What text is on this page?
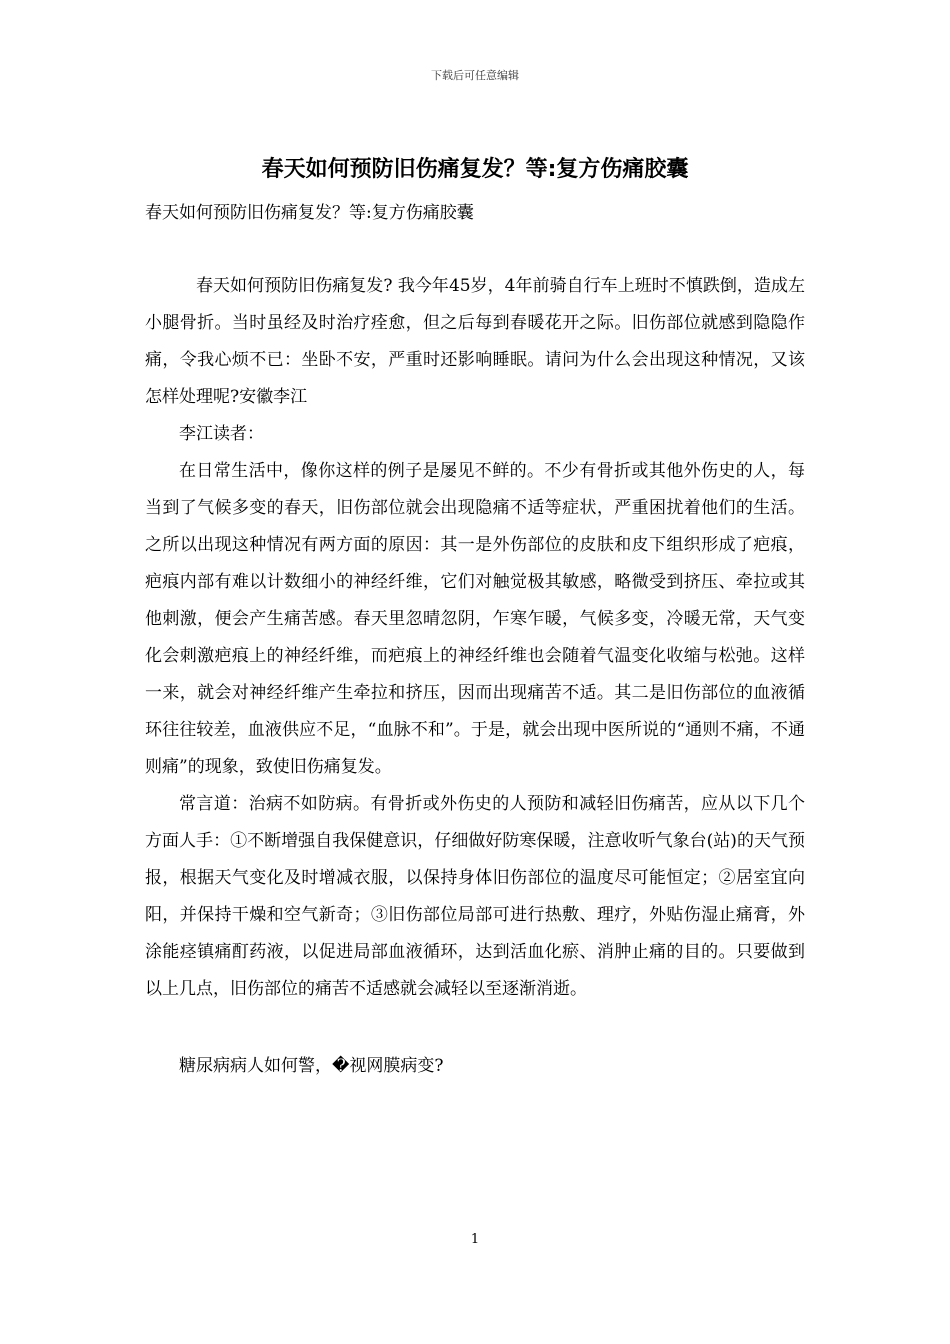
下载后可任意编辑
春天如何预防旧伤痛复发？等:复方伤痛胶囊
春天如何预防旧伤痛复发？等:复方伤痛胶囊

春天如何预防旧伤痛复发? 我今年45岁，4年前骑自行车上班时不慎跌倒，造成左小腿骨折。当时虽经及时治疗痊愈，但之后每到春暖花开之际。旧伤部位就感到隐隐作痛，令我心烦不已：坐卧不安，严重时还影响睡眠。请问为什么会出现这种情况，又该怎样处理呢?安徽李江

李江读者：

在日常生活中，像你这样的例子是屡见不鲜的。不少有骨折或其他外伤史的人，每当到了气候多变的春天，旧伤部位就会出现隐痛不适等症状，严重困扰着他们的生活。之所以出现这种情况有两方面的原因：其一是外伤部位的皮肤和皮下组织形成了疤痕，疤痕内部有难以计数细小的神经纤维，它们对触觉极其敏感，略微受到挤压、牵拉或其他刺激，便会产生痛苦感。春天里忽晴忽阴，乍寒乍暖，气候多变，冷暖无常，天气变化会刺激疤痕上的神经纤维，而疤痕上的神经纤维也会随着气温变化收缩与松弛。这样一来，就会对神经纤维产生牵拉和挤压，因而出现痛苦不适。其二是旧伤部位的血液循环往往较差，血液供应不足，“血脉不和”。于是，就会出现中医所说的“通则不痛，不通则痛”的现象，致使旧伤痛复发。

常言道：治病不如防病。有骨折或外伤史的人预防和减轻旧伤痛苦，应从以下几个方面人手：①不断增强自我保健意识，仔细做好防寒保暖，注意收听气象台(站)的天气预报，根据天气变化及时增减衣服，以保持身体旧伤部位的温度尽可能恒定；②居室宜向阳，并保持干燥和空气新奇；③旧伤部位局部可进行热敷、理疗，外贴伤湿止痛膏，外涂能痉镇痛酊药液，以促进局部血液循环，达到活血化瘀、消肿止痛的目的。只要做到以上几点，旧伤部位的痛苦不适感就会减轻以至逐渐消逝。

糖尿病病人如何警，�视网膜病变?

1
